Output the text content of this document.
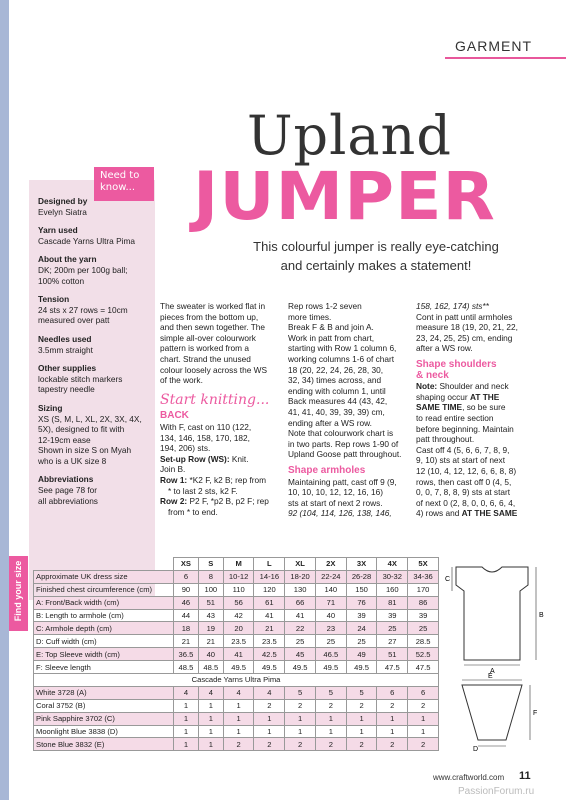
GARMENT
Upland
JUMPER
This colourful jumper is really eye-catching
and certainly makes a statement!
Designed by
Evelyn Siatra
Yarn used
Cascade Yarns Ultra Pima
About the yarn
DK; 200m per 100g ball;
100% cotton
Tension
24 sts x 27 rows = 10cm
measured over patt
Needles used
3.5mm straight
Other supplies
lockable stitch markers
tapestry needle
Sizing
XS (S, M, L, XL, 2X, 3X, 4X,
5X), designed to fit with
12-19cm ease
Shown in size S on Myah
who is a UK size 8
Abbreviations
See page 78 for
all abbreviations
Need to
know...
The sweater is worked flat in
pieces from the bottom up,
and then sewn together. The
simple all-over colourwork
pattern is worked from a
chart. Strand the unused
colour loosely across the WS
of the work.
Start knitting...
BACK
With F, cast on 110 (122,
134, 146, 158, 170, 182,
194, 206) sts.
Set-up Row (WS): Knit.
Join B.
Row 1: *K2 F, k2 B; rep from
* to last 2 sts, k2 F.
Row 2: P2 F, *p2 B, p2 F; rep
from * to end.
Rep rows 1-2 seven
more times.
Break F & B and join A.
Work in patt from chart,
starting with Row 1 column 6,
working columns 1-6 of chart
18 (20, 22, 24, 26, 28, 30,
32, 34) times across, and
ending with column 1, until
Back measures 44 (43, 42,
41, 41, 40, 39, 39, 39) cm,
ending after a WS row.
Note that colourwork chart is
in two parts. Rep rows 1-90 of
Upland Goose patt throughout.
Shape armholes
Maintaining patt, cast off 9 (9,
10, 10, 10, 12, 12, 16, 16)
sts at start of next 2 rows.
92 (104, 114, 126, 138, 146,
158, 162, 174) sts**
Cont in patt until armholes
measure 18 (19, 20, 21, 22,
23, 24, 25, 25) cm, ending
after a WS row.
Shape shoulders
& neck
Note: Shoulder and neck
shaping occur AT THE
SAME TIME, so be sure
to read entire section
before beginning. Maintain
patt throughout.
Cast off 4 (5, 6, 6, 7, 8, 9,
9, 10) sts at start of next
12 (10, 4, 12, 12, 6, 6, 8, 8)
rows, then cast off 0 (4, 5,
0, 0, 7, 8, 8, 9) sts at start
of next 0 (2, 8, 0, 0, 6, 6, 4,
4) rows and AT THE SAME
Find your size
		XS	S	M	L	XL	2X	3X	4X	5X
Approximate UK dress size	6	8	10-12	14-16	18-20	22-24	26-28	30-32	34-36
Finished chest circumference (cm)	90	100	110	120	130	140	150	160	170
A: Front/Back width (cm)	46	51	56	61	66	71	76	81	86
B: Length to armhole (cm)	44	43	42	41	41	40	39	39	39
C: Armhole depth (cm)	18	19	20	21	22	23	24	25	25
D: Cuff width (cm)	21	21	23.5	23.5	25	25	25	27	28.5
E: Top Sleeve width (cm)	36.5	40	41	42.5	45	46.5	49	51	52.5
F: Sleeve length	48.5	48.5	49.5	49.5	49.5	49.5	49.5	47.5	47.5
Cascade Yarns Ultra Pima									
White 3728 (A)	4	4	4	4	5	5	5	6	6
Coral 3752 (B)	1	1	1	2	2	2	2	2	2
Pink Sapphire 3702 (C)	1	1	1	1	1	1	1	1	1
Moonlight Blue 3838 (D)	1	1	1	1	1	1	1	1	1
Stone Blue 3832 (E)	1	1	2	2	2	2	2	2	2
A
B
C
E
F
D
www.craftworld.com 11
PassionForum.ru
